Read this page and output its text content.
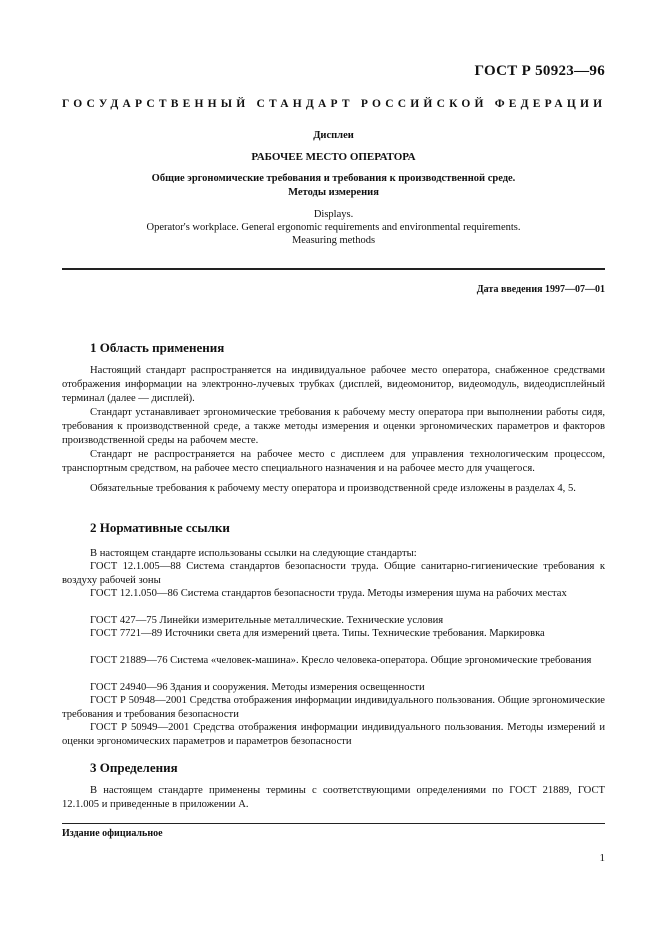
ГОСТ Р 50923—96
ГОСУДАРСТВЕННЫЙ СТАНДАРТ РОССИЙСКОЙ ФЕДЕРАЦИИ
Дисплеи
РАБОЧЕЕ МЕСТО ОПЕРАТОРА
Общие эргономические требования и требования к производственной среде.
Методы измерения
Displays.
Operator's workplace. General ergonomic requirements and environmental requirements.
Measuring methods
Дата введения 1997—07—01
1 Область применения

Настоящий стандарт распространяется на индивидуальное рабочее место оператора, снабженное средствами отображения информации на электронно-лучевых трубках (дисплей, видеомонитор, видеомодуль, видеодисплейный терминал (далее — дисплей).

Стандарт устанавливает эргономические требования к рабочему месту оператора при выполнении работы сидя, требования к производственной среде, а также методы измерения и оценки эргономических параметров и факторов производственной среды на рабочем месте.

Стандарт не распространяется на рабочее место с дисплеем для управления технологическим процессом, транспортным средством, на рабочее место специального назначения и на рабочее место для учащегося.

Обязательные требования к рабочему месту оператора и производственной среде изложены в разделах 4, 5.

2 Нормативные ссылки

В настоящем стандарте использованы ссылки на следующие стандарты:

ГОСТ 12.1.005—88 Система стандартов безопасности труда. Общие санитарно-гигиенические требования к воздуху рабочей зоны

ГОСТ 12.1.050—86 Система стандартов безопасности труда. Методы измерения шума на рабочих местах

ГОСТ 427—75 Линейки измерительные металлические. Технические условия

ГОСТ 7721—89 Источники света для измерений цвета. Типы. Технические требования. Маркировка

ГОСТ 21889—76 Система «человек-машина». Кресло человека-оператора. Общие эргономические требования

ГОСТ 24940—96 Здания и сооружения. Методы измерения освещенности

ГОСТ Р 50948—2001 Средства отображения информации индивидуального пользования. Общие эргономические требования и требования безопасности

ГОСТ Р 50949—2001 Средства отображения информации индивидуального пользования. Методы измерений и оценки эргономических параметров и параметров безопасности

3 Определения

В настоящем стандарте применены термины с соответствующими определениями по ГОСТ 21889, ГОСТ 12.1.005 и приведенные в приложении А.

Издание официальное
1
